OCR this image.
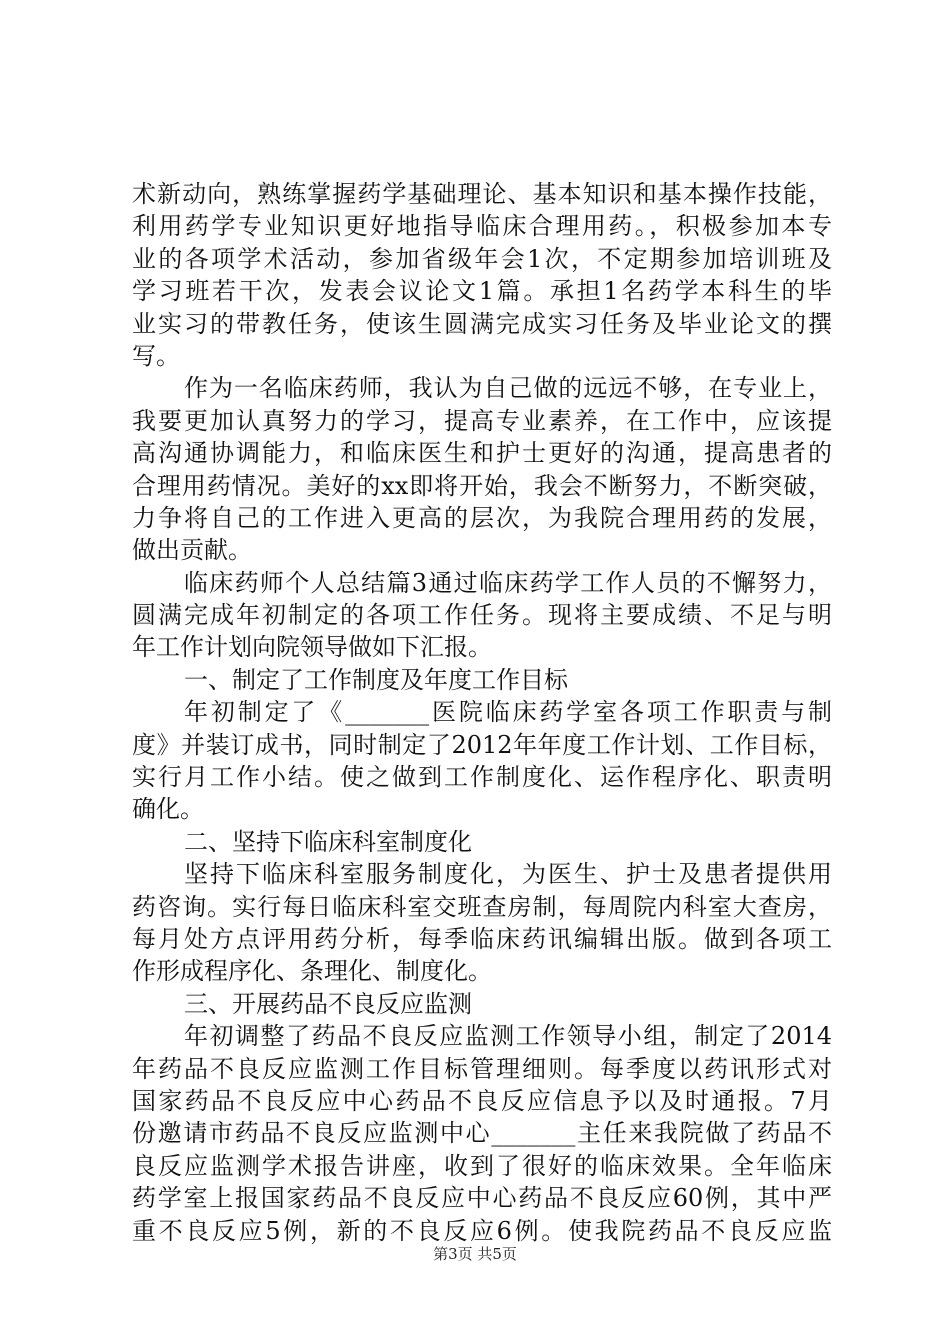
术新动向，熟练掌握药学基础理论、基本知识和基本操作技能，
利用药学专业知识更好地指导临床合理用药。，积极参加本专
业的各项学术活动，参加省级年会1次，不定期参加培训班及
学习班若干次，发表会议论文1篇。承担1名药学本科生的毕
业实习的带教任务，使该生圆满完成实习任务及毕业论文的撰
写。
作为一名临床药师，我认为自己做的远远不够，在专业上，
我要更加认真努力的学习，提高专业素养，在工作中，应该提
高沟通协调能力，和临床医生和护士更好的沟通，提高患者的
合理用药情况。美好的xx即将开始，我会不断努力，不断突破，
力争将自己的工作进入更高的层次，为我院合理用药的发展，
做出贡献。
临床药师个人总结篇3通过临床药学工作人员的不懈努力，
圆满完成年初制定的各项工作任务。现将主要成绩、不足与明
年工作计划向院领导做如下汇报。
一、制定了工作制度及年度工作目标
年初制定了《_______医院临床药学室各项工作职责与制
度》并装订成书，同时制定了2012年年度工作计划、工作目标，
实行月工作小结。使之做到工作制度化、运作程序化、职责明
确化。
二、坚持下临床科室制度化
坚持下临床科室服务制度化，为医生、护士及患者提供用
药咨询。实行每日临床科室交班查房制，每周院内科室大查房，
每月处方点评用药分析，每季临床药讯编辑出版。做到各项工
作形成程序化、条理化、制度化。
三、开展药品不良反应监测
年初调整了药品不良反应监测工作领导小组，制定了2014
年药品不良反应监测工作目标管理细则。每季度以药讯形式对
国家药品不良反应中心药品不良反应信息予以及时通报。7月
份邀请市药品不良反应监测中心_______主任来我院做了药品不
良反应监测学术报告讲座，收到了很好的临床效果。全年临床
药学室上报国家药品不良反应中心药品不良反应60例，其中严
重不良反应5例，新的不良反应6例。使我院药品不良反应监
第3页 共5页
